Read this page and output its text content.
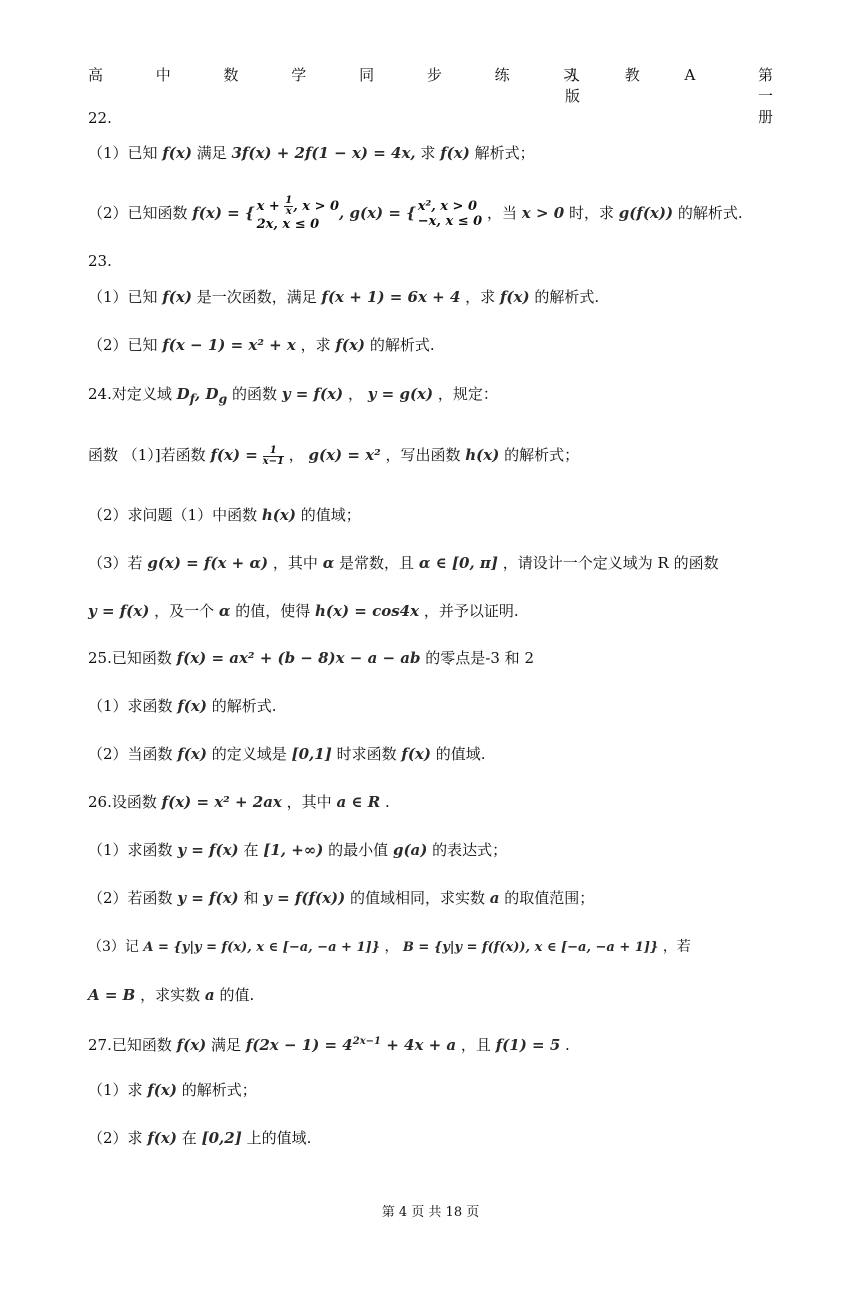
高 中 数 学 同 步 练 习
人 教 A 版
第 一 册
22.
（1）已知 f(x) 满足 3f(x) + 2f(1 − x) = 4x, 求 f(x) 解析式；
（2）已知函数 f(x) = { $x + \frac{1}{x}$ , x > 0
2x, x ≤ 0
, g(x) = { x², x > 0
−x, x ≤ 0 ，当 x > 0 时，求 g(f(x)) 的解析式.
23.
（1）已知 f(x) 是一次函数，满足 f(x + 1) = 6x + 4 ，求 f(x) 的解析式.
（2）已知 f(x − 1) = x² + x ，求 f(x) 的解析式.
24.对定义域 $D_f$, $D_g$ 的函数 y = f(x) ， y = g(x) ，规定：
函数 （1）]若函数 $f(x) = \frac{1}{x-1}$ ， g(x) = x² ，写出函数 h(x) 的解析式；
（2）求问题（1）中函数 h(x) 的值域；
（3）若 g(x) = f(x + α) ，其中 α 是常数，且 α ∈ [0, π] ，请设计一个定义域为 R 的函数
y = f(x) ，及一个 α 的值，使得 h(x) = cos4x ，并予以证明.
25.已知函数 f(x) = ax² + (b − 8)x − a − ab 的零点是-3 和 2
（1）求函数 f(x) 的解析式.
（2）当函数 f(x) 的定义域是 [0,1] 时求函数 f(x) 的值域.
26.设函数 f(x) = x² + 2ax ，其中 a ∈ R .
（1）求函数 y = f(x) 在 [1, +∞) 的最小值 g(a) 的表达式；
（2）若函数 y = f(x) 和 y = f(f(x)) 的值域相同，求实数 a 的取值范围；
（3）记 A = {y|y = f(x), x ∈ [−a, −a + 1]} ， B = {y|y = f(f(x)), x ∈ [−a, −a + 1]} ，若
A = B ，求实数 a 的值.
27.已知函数 f(x) 满足 $f(2x - 1) = 4^{2x-1} + 4x + a$ ，且 f(1) = 5 .
（1）求 f(x) 的解析式；
（2）求 f(x) 在 [0,2] 上的值域.
第 4 页 共 18 页
